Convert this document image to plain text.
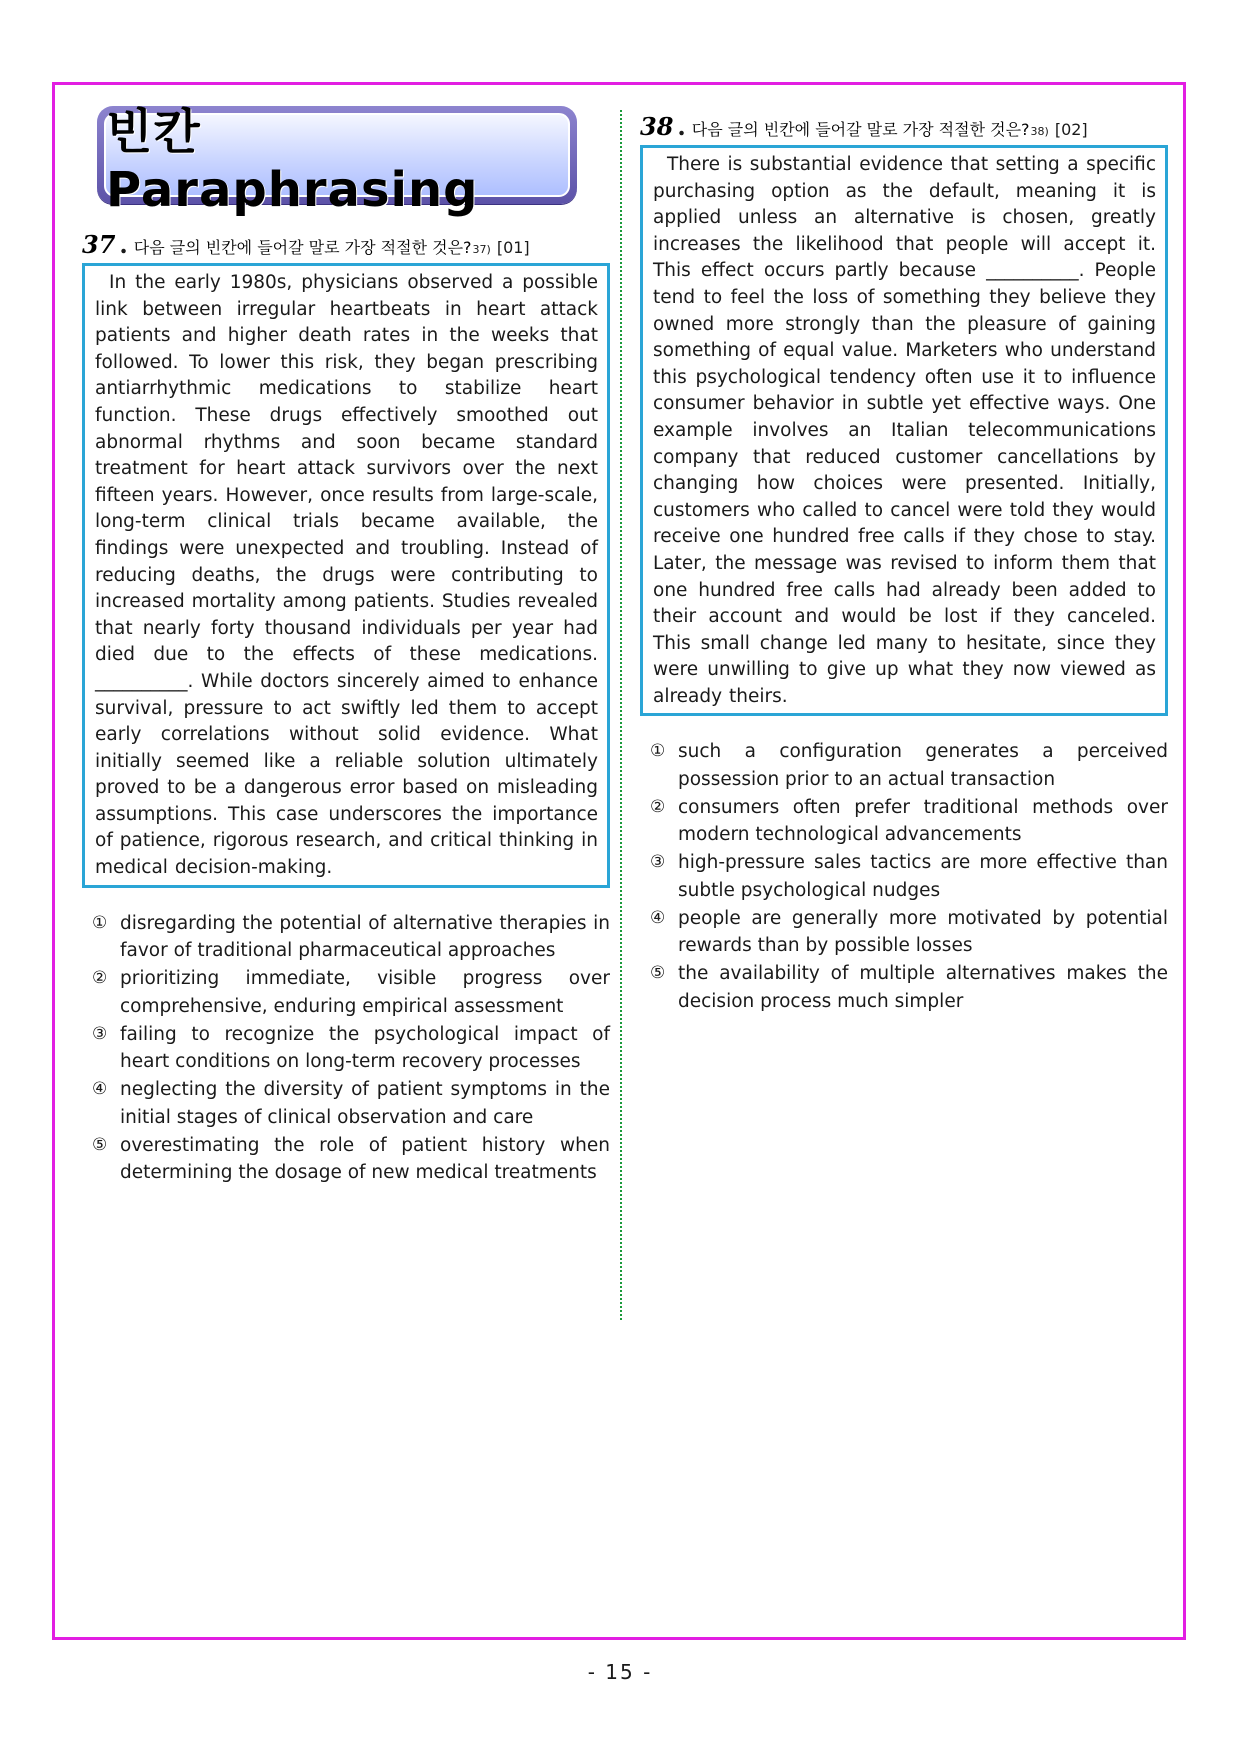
빈칸 Paraphrasing
37 . 다음 글의 빈칸에 들어갈 말로 가장 적절한 것은? 37) [01]

In the early 1980s, physicians observed a possible link between irregular heartbeats in heart attack patients and higher death rates in the weeks that followed. To lower this risk, they began prescribing antiarrhythmic medications to stabilize heart function. These drugs effectively smoothed out abnormal rhythms and soon became standard treatment for heart attack survivors over the next fifteen years. However, once results from large-scale, long-term clinical trials became available, the findings were unexpected and troubling. Instead of reducing deaths, the drugs were contributing to increased mortality among patients. Studies revealed that nearly forty thousand individuals per year had died due to the effects of these medications. __________. While doctors sincerely aimed to enhance survival, pressure to act swiftly led them to accept early correlations without solid evidence. What initially seemed like a reliable solution ultimately proved to be a dangerous error based on misleading assumptions. This case underscores the importance of patience, rigorous research, and critical thinking in medical decision-making.

① disregarding the potential of alternative therapies in favor of traditional pharmaceutical approaches
② prioritizing immediate, visible progress over comprehensive, enduring empirical assessment
③ failing to recognize the psychological impact of heart conditions on long-term recovery processes
④ neglecting the diversity of patient symptoms in the initial stages of clinical observation and care
⑤ overestimating the role of patient history when determining the dosage of new medical treatments
38 . 다음 글의 빈칸에 들어갈 말로 가장 적절한 것은? 38) [02]

There is substantial evidence that setting a specific purchasing option as the default, meaning it is applied unless an alternative is chosen, greatly increases the likelihood that people will accept it. This effect occurs partly because __________. People tend to feel the loss of something they believe they owned more strongly than the pleasure of gaining something of equal value. Marketers who understand this psychological tendency often use it to influence consumer behavior in subtle yet effective ways. One example involves an Italian telecommunications company that reduced customer cancellations by changing how choices were presented. Initially, customers who called to cancel were told they would receive one hundred free calls if they chose to stay. Later, the message was revised to inform them that one hundred free calls had already been added to their account and would be lost if they canceled. This small change led many to hesitate, since they were unwilling to give up what they now viewed as already theirs.

① such a configuration generates a perceived possession prior to an actual transaction
② consumers often prefer traditional methods over modern technological advancements
③ high-pressure sales tactics are more effective than subtle psychological nudges
④ people are generally more motivated by potential rewards than by possible losses
⑤ the availability of multiple alternatives makes the decision process much simpler
- 15 -
